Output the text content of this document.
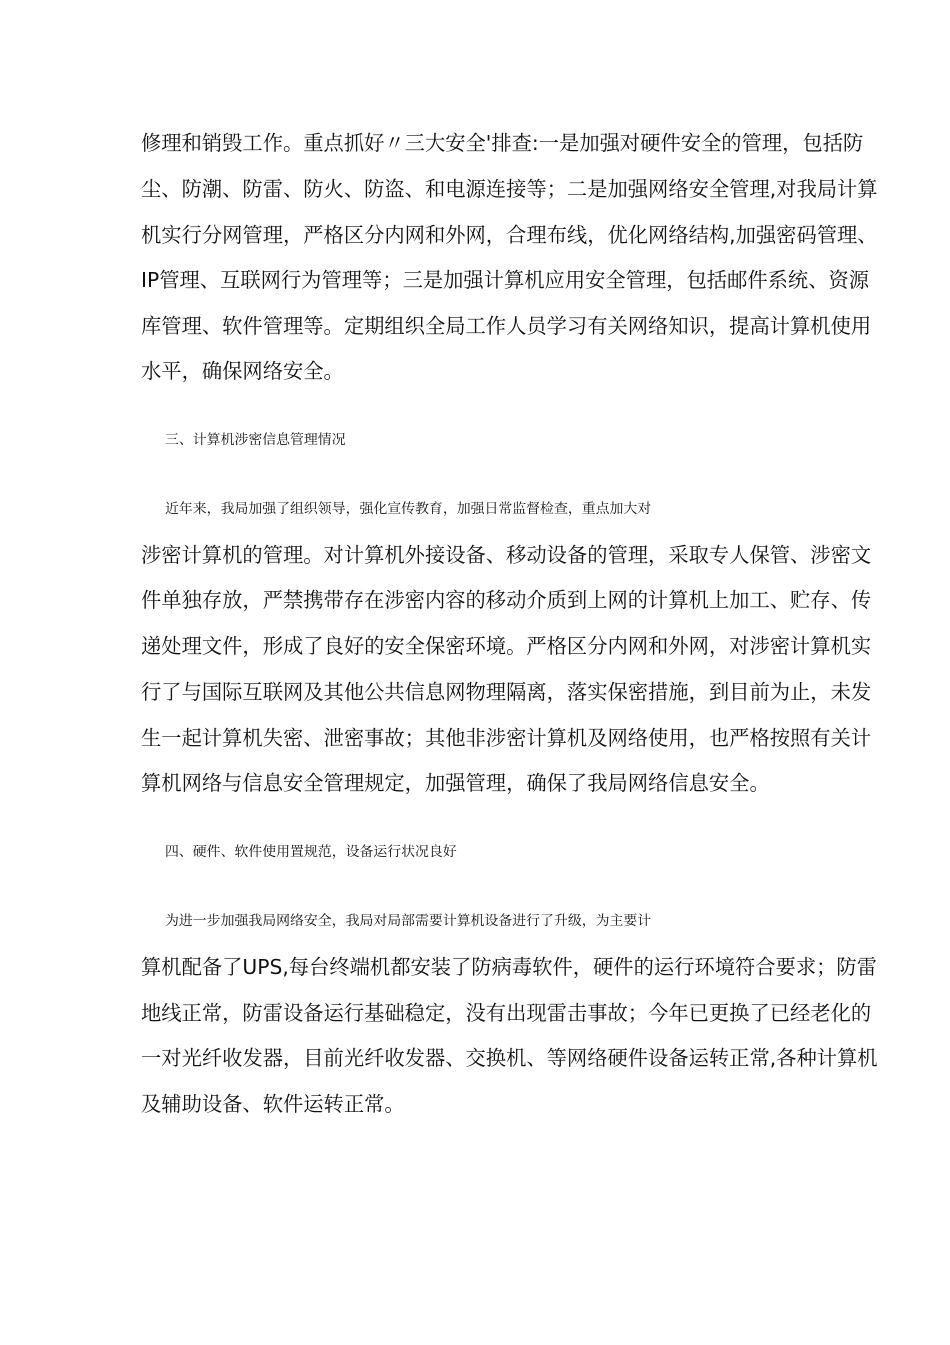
修理和销毁工作。重点抓好〃三大安全'排查:一是加强对硬件安全的管理，包括防
尘、防潮、防雷、防火、防盗、和电源连接等；二是加强网络安全管理,对我局计算
机实行分网管理，严格区分内网和外网，合理布线，优化网络结构,加强密码管理、
IP管理、互联网行为管理等；三是加强计算机应用安全管理，包括邮件系统、资源
库管理、软件管理等。定期组织全局工作人员学习有关网络知识，提高计算机使用
水平，确保网络安全。
三、计算机涉密信息管理情况
近年来，我局加强了组织领导，强化宣传教育，加强日常监督检查，重点加大对
涉密计算机的管理。对计算机外接设备、移动设备的管理，采取专人保管、涉密文
件单独存放，严禁携带存在涉密内容的移动介质到上网的计算机上加工、贮存、传
递处理文件，形成了良好的安全保密环境。严格区分内网和外网，对涉密计算机实
行了与国际互联网及其他公共信息网物理隔离，落实保密措施，到目前为止，未发
生一起计算机失密、泄密事故；其他非涉密计算机及网络使用，也严格按照有关计
算机网络与信息安全管理规定，加强管理，确保了我局网络信息安全。
四、硬件、软件使用置规范，设备运行状况良好
为进一步加强我局网络安全，我局对局部需要计算机设备进行了升级，为主要计
算机配备了UPS,每台终端机都安装了防病毒软件，硬件的运行环境符合要求；防雷
地线正常，防雷设备运行基础稳定，没有出现雷击事故；今年已更换了已经老化的
一对光纤收发器，目前光纤收发器、交换机、等网络硬件设备运转正常,各种计算机
及辅助设备、软件运转正常。
